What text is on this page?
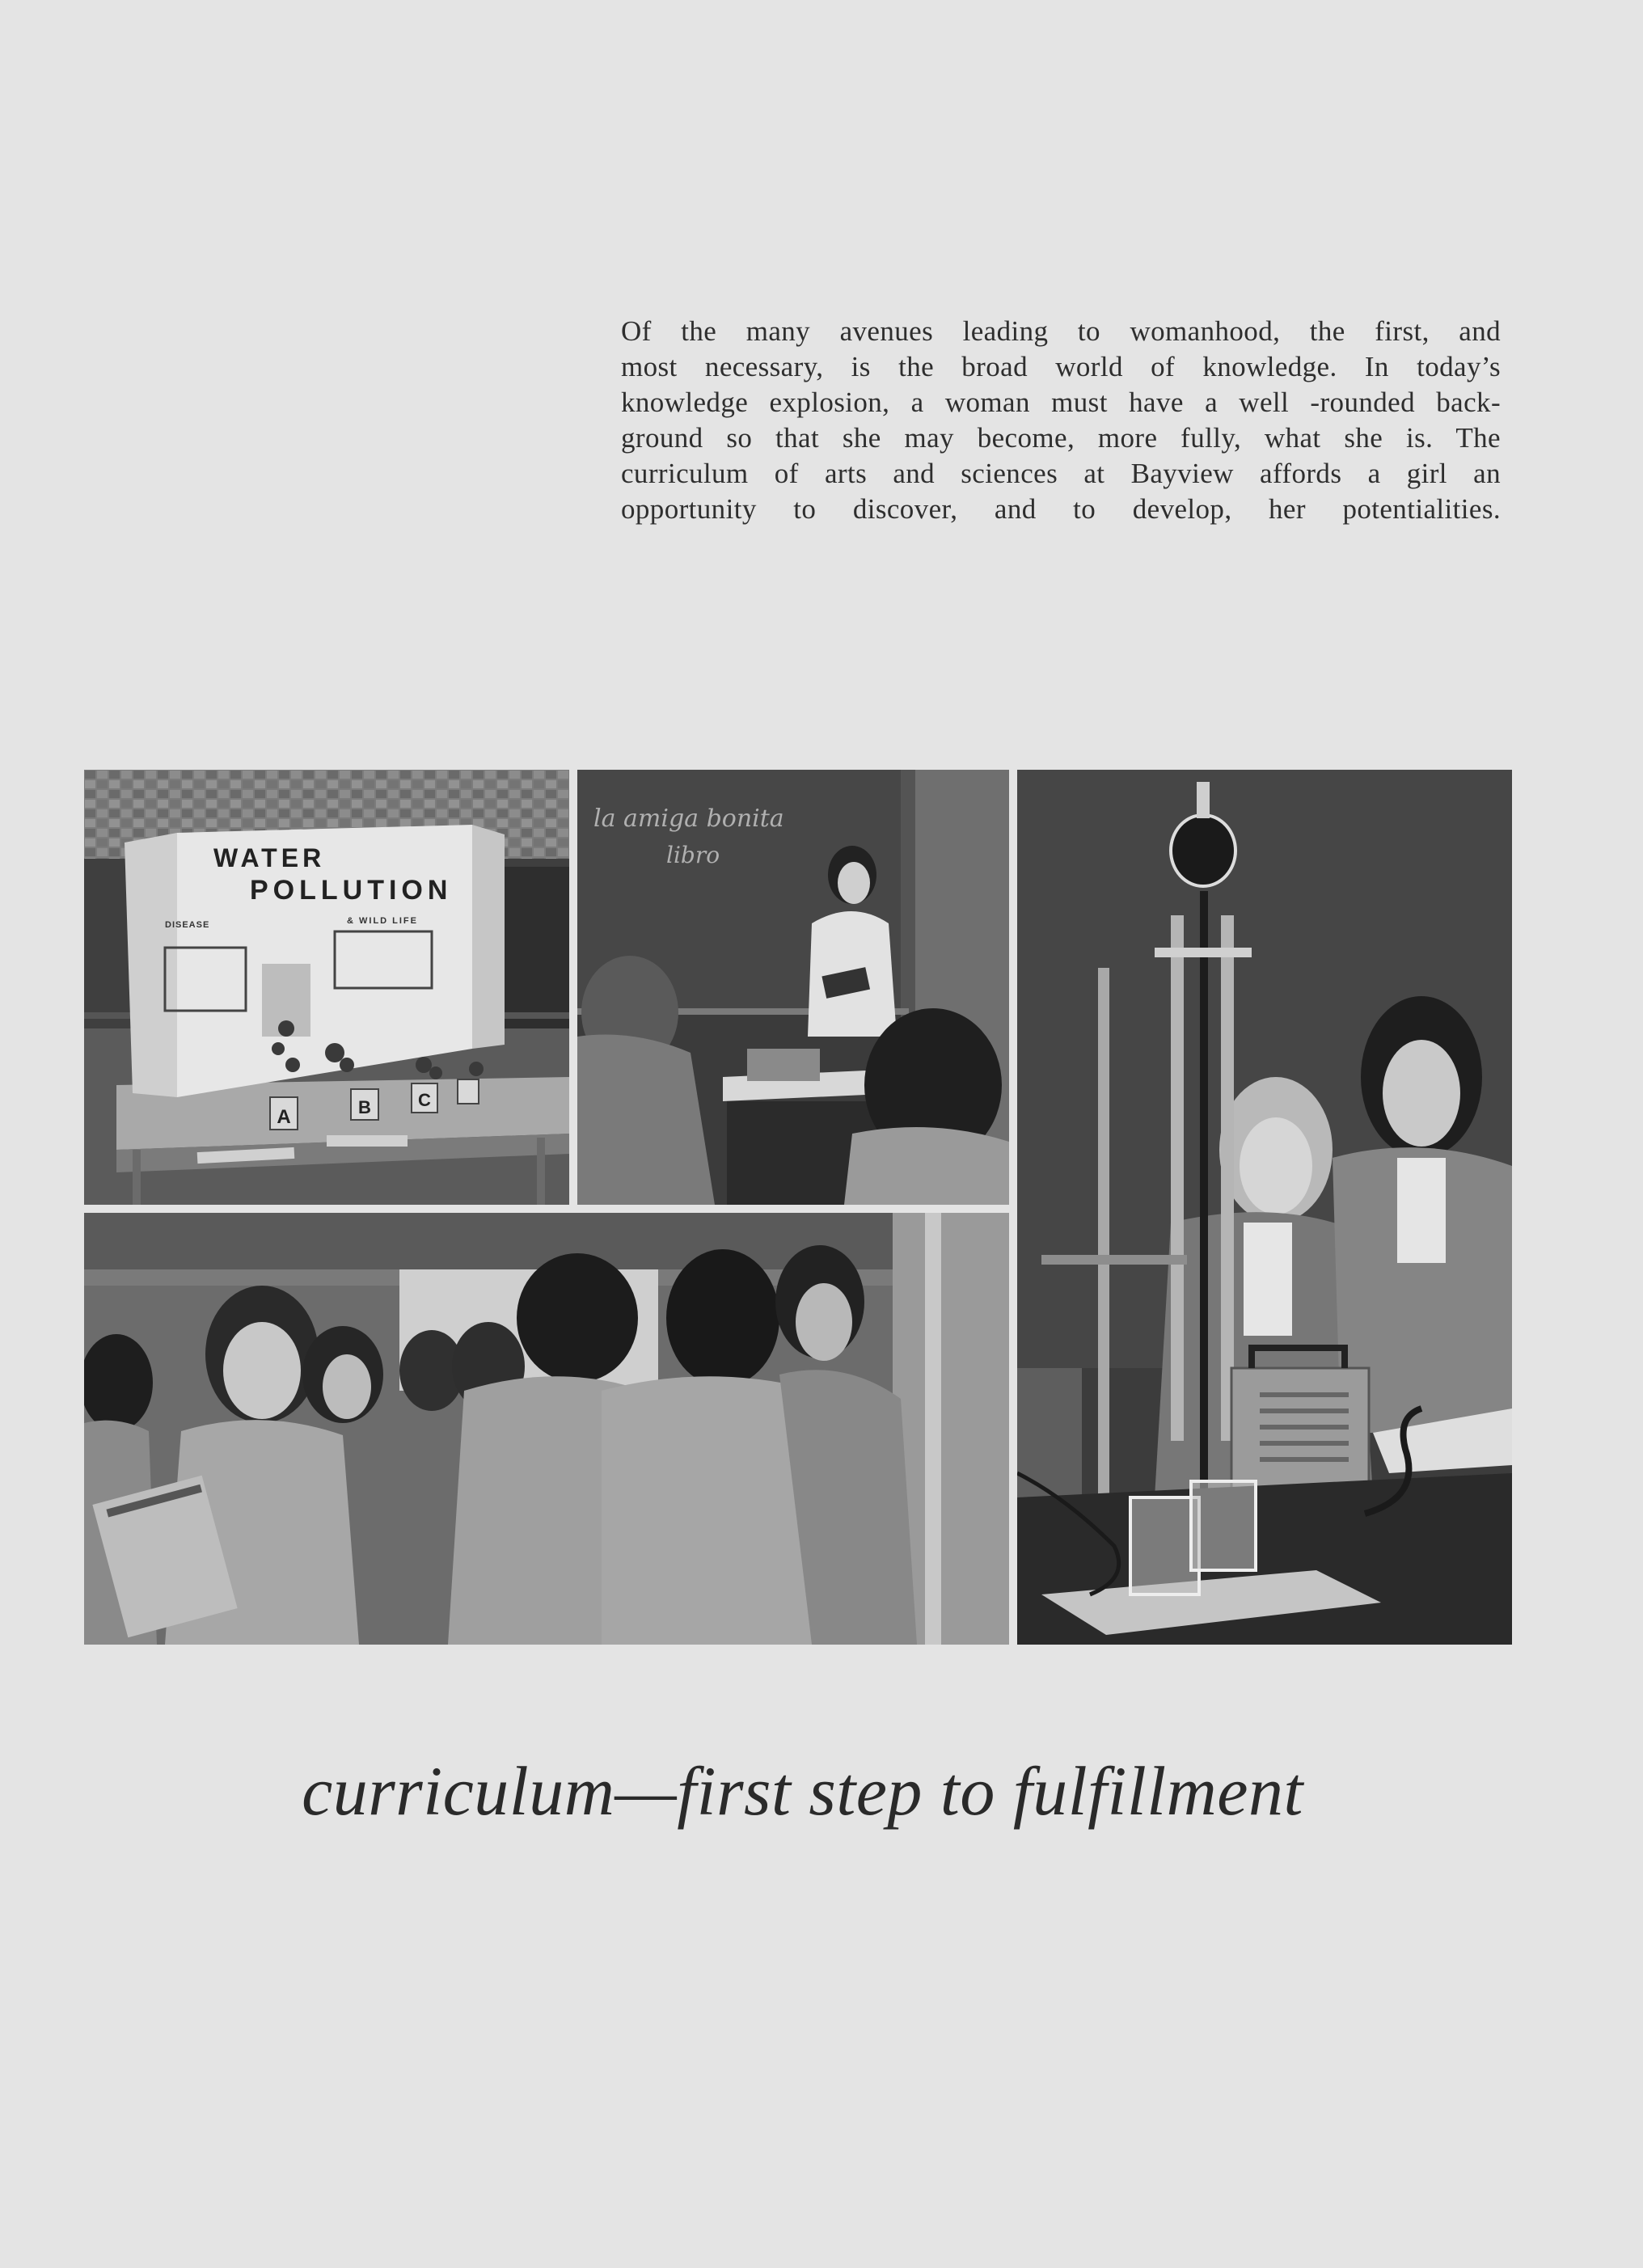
Of the many avenues leading to womanhood, the first, and
most necessary, is the broad world of knowledge. In today’s
knowledge explosion, a woman must have a well -rounded back-
ground so that she may become, more fully, what she is. The
curriculum of arts and sciences at Bayview affords a girl an
opportunity to discover, and to develop, her potentialities.
WATER
POLLUTION
& WILD LIFE
DISEASE
A	B	C
la amiga bonita
libro
curriculum—first step to fulfillment
